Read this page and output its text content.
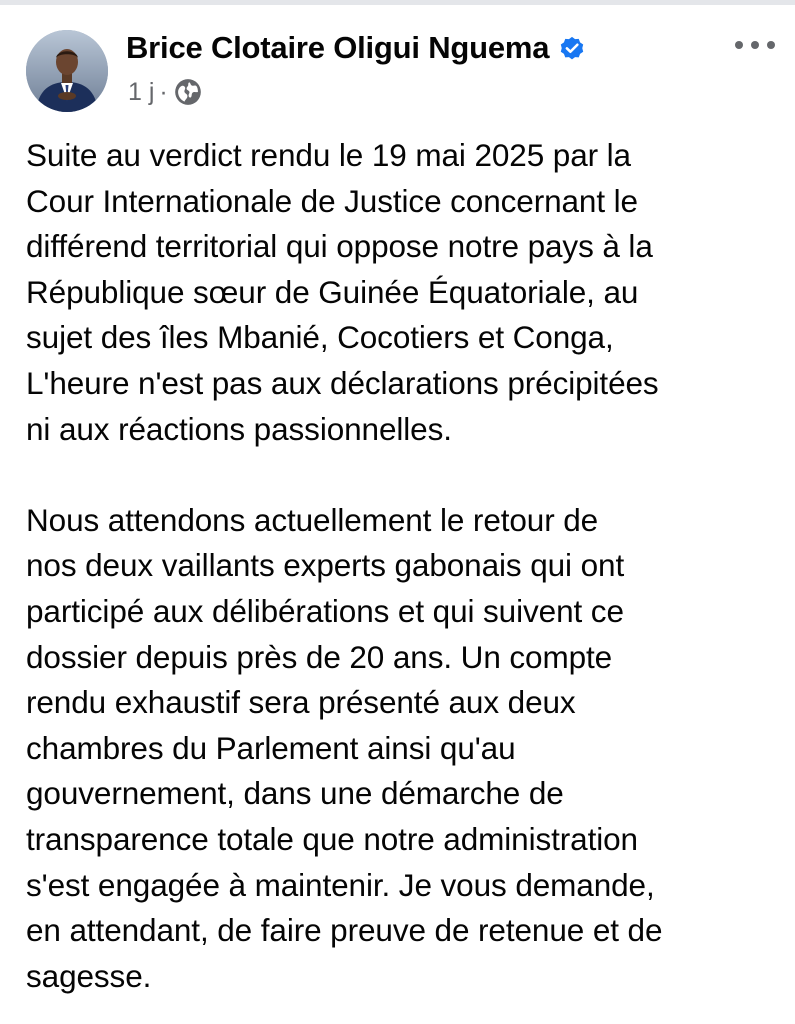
Brice Clotaire Oligui Nguema
1 j ·

Suite au verdict rendu le 19 mai 2025 par la
Cour Internationale de Justice concernant le
différend territorial qui oppose notre pays à la
République sœur de Guinée Équatoriale, au
sujet des îles Mbanié, Cocotiers et Conga,
L'heure n'est pas aux déclarations précipitées
ni aux réactions passionnelles.

Nous attendons actuellement le retour de
nos deux vaillants experts gabonais qui ont
participé aux délibérations et qui suivent ce
dossier depuis près de 20 ans. Un compte
rendu exhaustif sera présenté aux deux
chambres du Parlement ainsi qu'au
gouvernement, dans une démarche de
transparence totale que notre administration
s'est engagée à maintenir. Je vous demande,
en attendant, de faire preuve de retenue et de
sagesse.
